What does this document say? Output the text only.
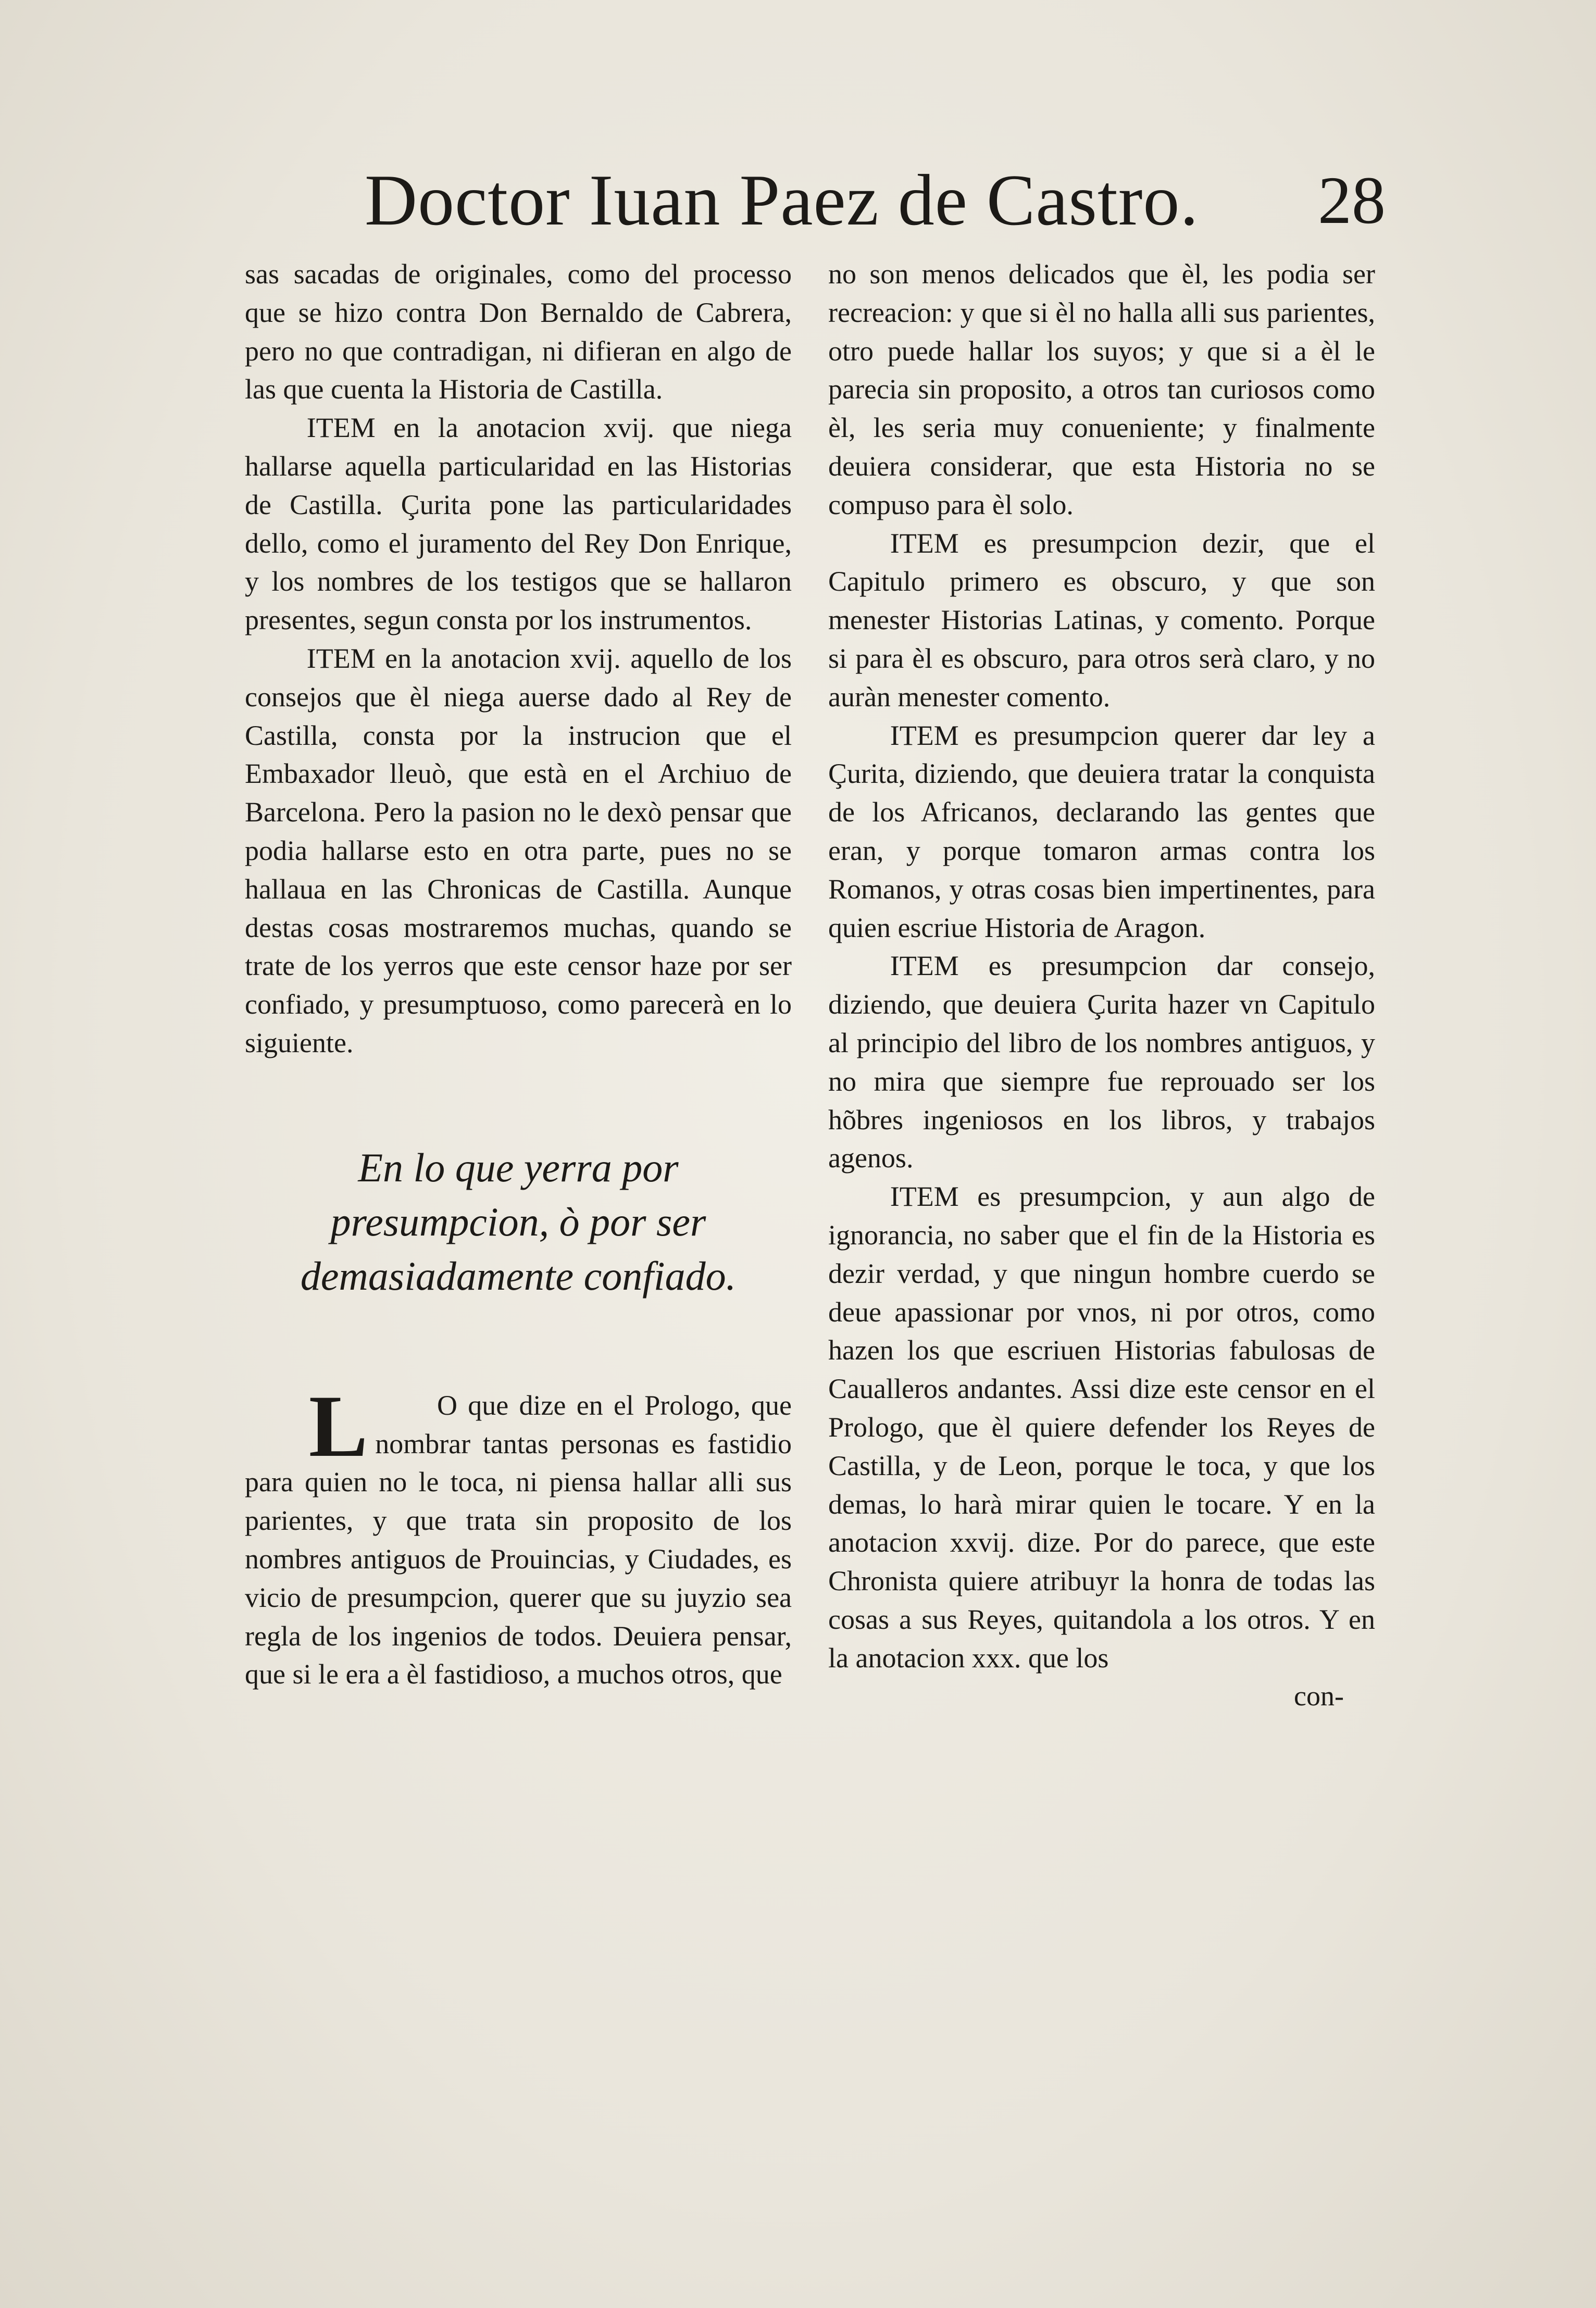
Doctor Iuan Paez de Castro. 28

sas sacadas de originales, como del processo que se hizo contra Don Bernaldo de Cabrera, pero no que contradigan, ni difieran en algo de las que cuenta la Historia de Castilla.

ITEM en la anotacion xvij. que niega hallarse aquella particularidad en las Historias de Castilla. Çurita pone las particularidades dello, como el juramento del Rey Don Enrique, y los nombres de los testigos que se hallaron presentes, segun consta por los instrumentos.

ITEM en la anotacion xvij. aquello de los consejos que èl niega auerse dado al Rey de Castilla, consta por la instrucion que el Embaxador lleuò, que està en el Archiuo de Barcelona. Pero la pasion no le dexò pensar que podia hallarse esto en otra parte, pues no se hallaua en las Chronicas de Castilla. Aunque destas cosas mostraremos muchas, quando se trate de los yerros que este censor haze por ser confiado, y presumptuoso, como parecerà en lo siguiente.

En lo que yerra por presumpcion, ò por ser demasiadamente confiado.

L O que dize en el Prologo, que nombrar tantas personas es fastidio para quien no le toca, ni piensa hallar alli sus parientes, y que trata sin proposito de los nombres antiguos de Prouincias, y Ciudades, es vicio de presumpcion, querer que su juyzio sea regla de los ingenios de todos. Deuiera pensar, que si le era a èl fastidioso, a muchos otros, que

no son menos delicados que èl, les podia ser recreacion: y que si èl no halla alli sus parientes, otro puede hallar los suyos; y que si a èl le parecia sin proposito, a otros tan curiosos como èl, les seria muy conueniente; y finalmente deuiera considerar, que esta Historia no se compuso para èl solo.

ITEM es presumpcion dezir, que el Capitulo primero es obscuro, y que son menester Historias Latinas, y comento. Porque si para èl es obscuro, para otros serà claro, y no auràn menester comento.

ITEM es presumpcion querer dar ley a Çurita, diziendo, que deuiera tratar la conquista de los Africanos, declarando las gentes que eran, y porque tomaron armas contra los Romanos, y otras cosas bien impertinentes, para quien escriue Historia de Aragon.

ITEM es presumpcion dar consejo, diziendo, que deuiera Çurita hazer vn Capitulo al principio del libro de los nombres antiguos, y no mira que siempre fue reprouado ser los hõbres ingeniosos en los libros, y trabajos agenos.

ITEM es presumpcion, y aun algo de ignorancia, no saber que el fin de la Historia es dezir verdad, y que ningun hombre cuerdo se deue apassionar por vnos, ni por otros, como hazen los que escriuen Historias fabulosas de Caualleros andantes. Assi dize este censor en el Prologo, que èl quiere defender los Reyes de Castilla, y de Leon, porque le toca, y que los demas, lo harà mirar quien le tocare. Y en la anotacion xxvij. dize. Por do parece, que este Chronista quiere atribuyr la honra de todas las cosas a sus Reyes, quitandola a los otros. Y en la anotacion xxx. que los

con-
